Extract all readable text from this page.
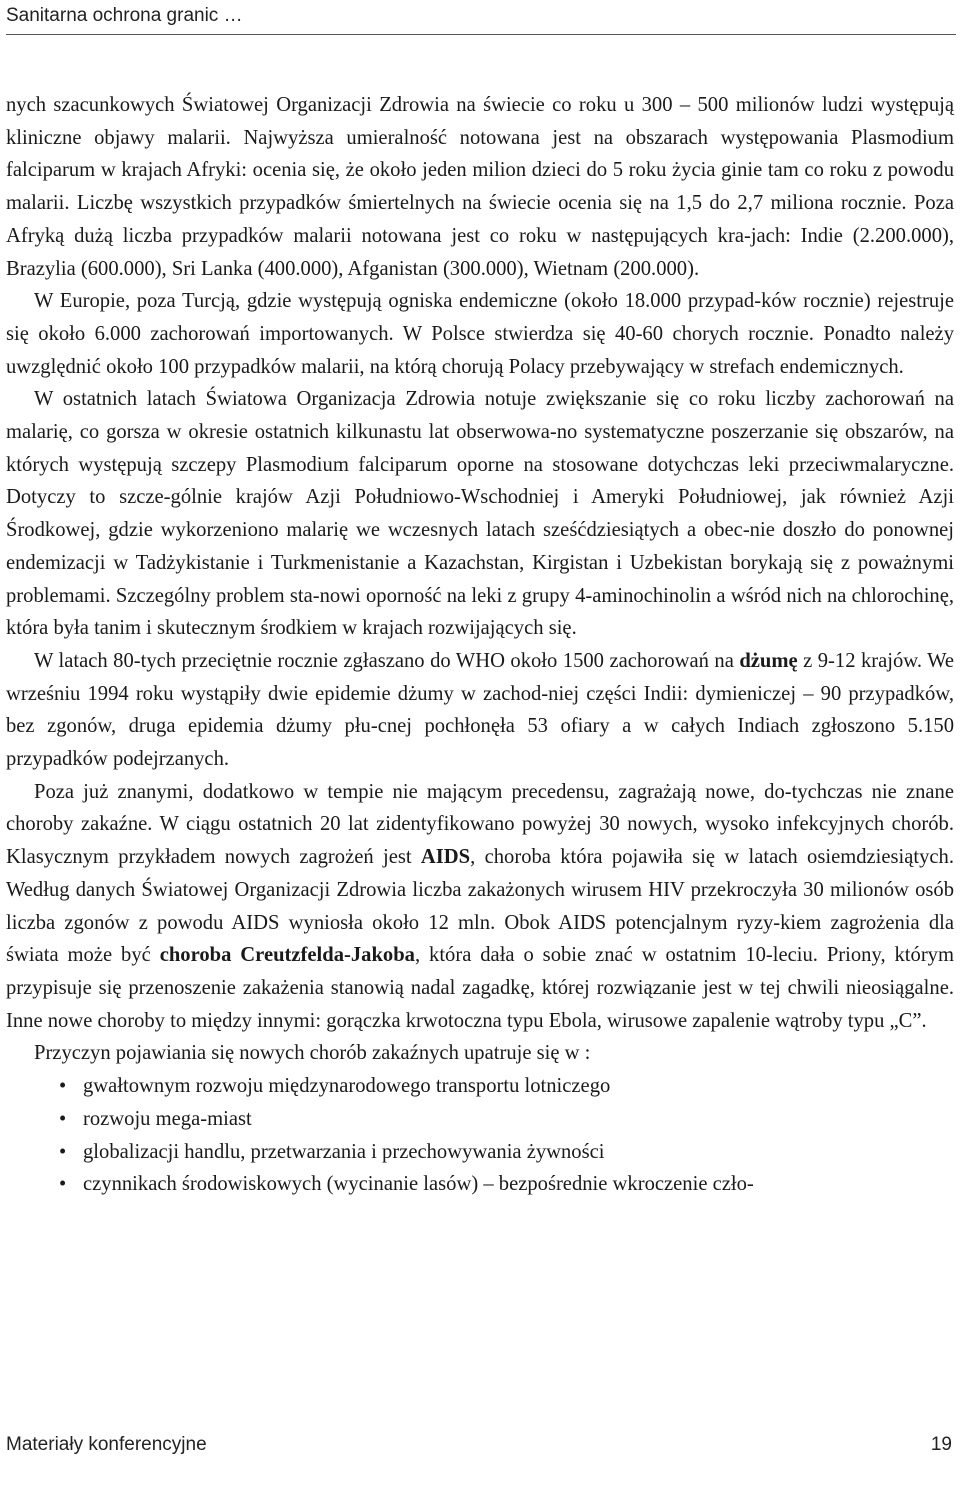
Sanitarna ochrona granic …

nych szacunkowych Światowej Organizacji Zdrowia na świecie co roku u 300 – 500 milionów ludzi występują kliniczne objawy malarii. Najwyższa umieralność notowana jest na obszarach występowania Plasmodium falciparum w krajach Afryki: ocenia się, że około jeden milion dzieci do 5 roku życia ginie tam co roku z powodu malarii. Liczbę wszystkich przypadków śmiertelnych na świecie ocenia się na 1,5 do 2,7 miliona rocznie. Poza Afryką dużą liczba przypadków malarii notowana jest co roku w następujących kra-jach: Indie (2.200.000), Brazylia (600.000), Sri Lanka (400.000), Afganistan (300.000), Wietnam (200.000).

W Europie, poza Turcją, gdzie występują ogniska endemiczne (około 18.000 przypad-ków rocznie) rejestruje się około 6.000 zachorowań importowanych. W Polsce stwierdza się 40-60 chorych rocznie. Ponadto należy uwzględnić około 100 przypadków malarii, na którą chorują Polacy przebywający w strefach endemicznych.

W ostatnich latach Światowa Organizacja Zdrowia notuje zwiększanie się co roku liczby zachorowań na malarię, co gorsza w okresie ostatnich kilkunastu lat obserwowa-no systematyczne poszerzanie się obszarów, na których występują szczepy Plasmodium falciparum oporne na stosowane dotychczas leki przeciwmalaryczne. Dotyczy to szcze-gólnie krajów Azji Południowo-Wschodniej i Ameryki Południowej, jak również Azji Środkowej, gdzie wykorzeniono malarię we wczesnych latach sześćdziesiątych a obec-nie doszło do ponownej endemizacji w Tadżykistanie i Turkmenistanie a Kazachstan, Kirgistan i Uzbekistan borykają się z poważnymi problemami. Szczególny problem sta-nowi oporność na leki z grupy 4-aminochinolin a wśród nich na chlorochinę, która była tanim i skutecznym środkiem w krajach rozwijających się.

W latach 80-tych przeciętnie rocznie zgłaszano do WHO około 1500 zachorowań na dżumę z 9-12 krajów. We wrześniu 1994 roku wystąpiły dwie epidemie dżumy w zachod-niej części Indii: dymieniczej – 90 przypadków, bez zgonów, druga epidemia dżumy płu-cnej pochłonęła 53 ofiary a w całych Indiach zgłoszono 5.150 przypadków podejrzanych.

Poza już znanymi, dodatkowo w tempie nie mającym precedensu, zagrażają nowe, do-tychczas nie znane choroby zakaźne. W ciągu ostatnich 20 lat zidentyfikowano powyżej 30 nowych, wysoko infekcyjnych chorób. Klasycznym przykładem nowych zagrożeń jest AIDS, choroba która pojawiła się w latach osiemdziesiątych. Według danych Światowej Organizacji Zdrowia liczba zakażonych wirusem HIV przekroczyła 30 milionów osób liczba zgonów z powodu AIDS wyniosła około 12 mln. Obok AIDS potencjalnym ryzy-kiem zagrożenia dla świata może być choroba Creutzfelda-Jakoba, która dała o sobie znać w ostatnim 10-leciu. Priony, którym przypisuje się przenoszenie zakażenia stanowią nadal zagadkę, której rozwiązanie jest w tej chwili nieosiągalne. Inne nowe choroby to między innymi: gorączka krwotoczna typu Ebola, wirusowe zapalenie wątroby typu „C”.

Przyczyn pojawiania się nowych chorób zakaźnych upatruje się w :

• gwałtownym rozwoju międzynarodowego transportu lotniczego
• rozwoju mega-miast
• globalizacji handlu, przetwarzania i przechowywania żywności
• czynnikach środowiskowych (wycinanie lasów) – bezpośrednie wkroczenie czło-
Materiały konferencyjne	19
